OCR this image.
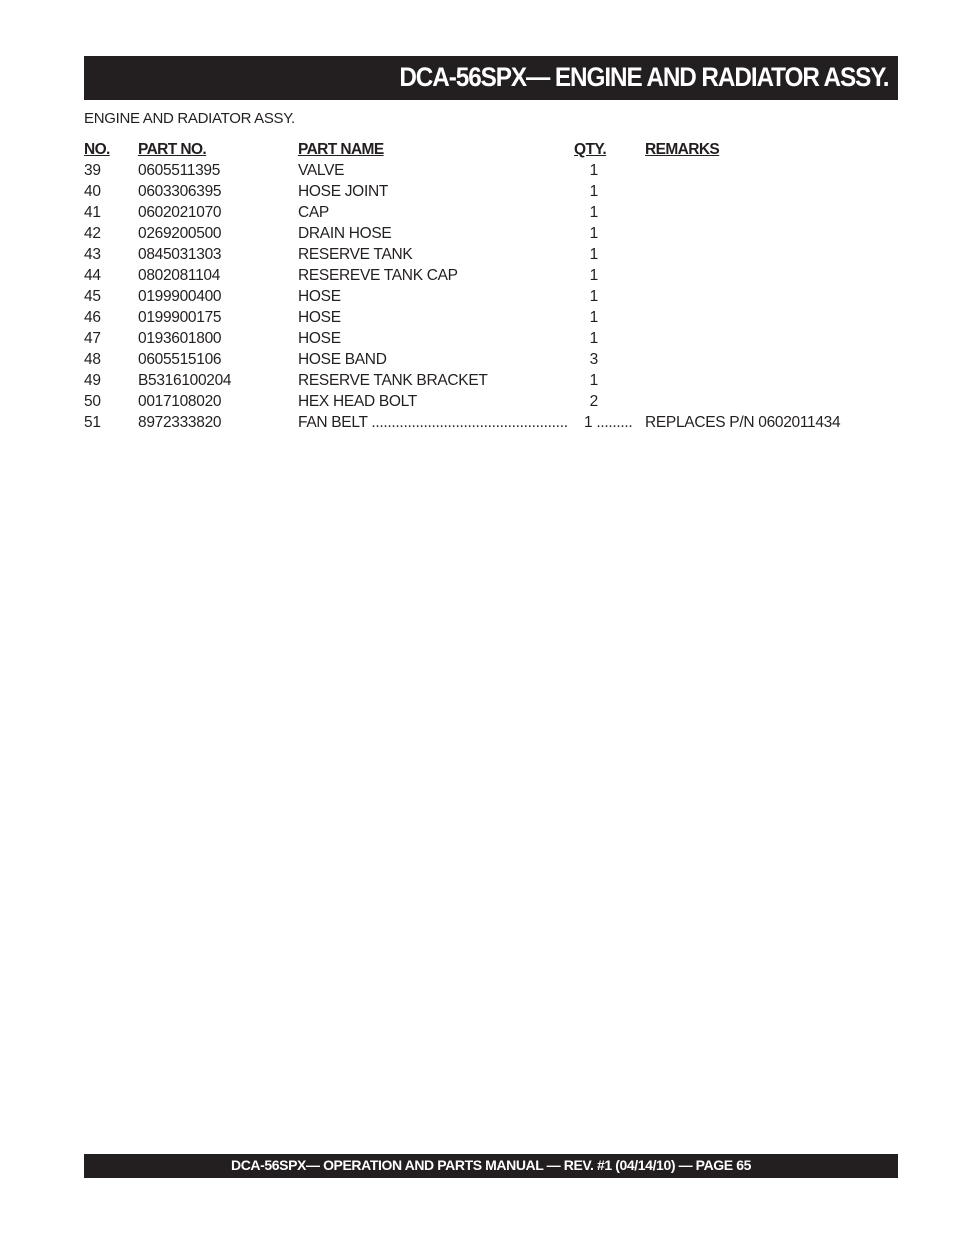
DCA-56SPX— ENGINE AND RADIATOR ASSY.
ENGINE AND RADIATOR ASSY.
NO. PART NO.	PART NAME	QTY.	REMARKS
39 0605511395	VALVE	1
40 0603306395	HOSE JOINT	1
41 0602021070	CAP	1
42 0269200500	DRAIN HOSE	1
43 0845031303	RESERVE TANK	1
44 0802081104	RESEREVE TANK CAP	1
45 0199900400	HOSE	1
46 0199900175	HOSE	1
47 0193601800	HOSE	1
48 0605515106	HOSE BAND	3
49 B5316100204	RESERVE TANK BRACKET	1
50 0017108020	HEX HEAD BOLT	2
51 8972333820	FAN BELT .................................................	1 ......... REPLACES P/N 0602011434
DCA-56SPX— OPERATION AND PARTS MANUAL — REV. #1 (04/14/10) — PAGE 65
